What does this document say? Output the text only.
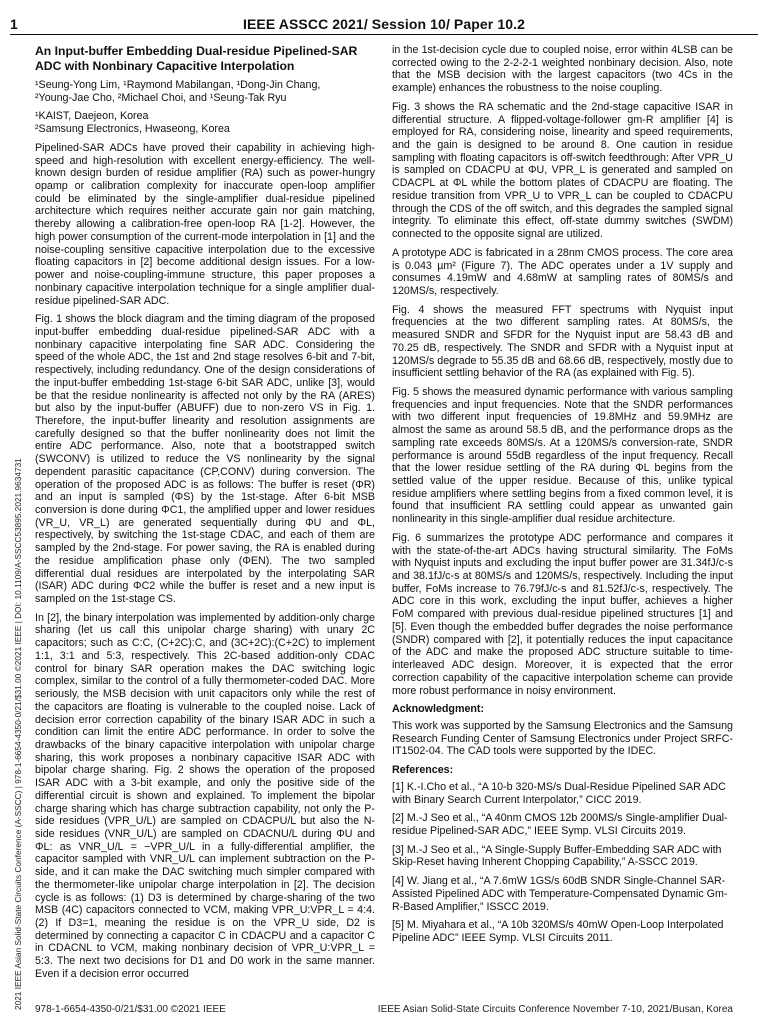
1	IEEE ASSCC 2021/ Session 10/ Paper 10.2
2021 IEEE Asian Solid-State Circuits Conference (A-SSCC) | 978-1-6654-4350-0/21/$31.00 ©2021 IEEE | DOI: 10.1109/A-SSCC53895.2021.9634731
An Input-buffer Embedding Dual-residue Pipelined-SAR ADC with Nonbinary Capacitive Interpolation

¹Seung-Yong Lim, ¹Raymond Mabilangan, ¹Dong-Jin Chang,

²Young-Jae Cho, ²Michael Choi, and ¹Seung-Tak Ryu

¹KAIST, Daejeon, Korea

²Samsung Electronics, Hwaseong, Korea

Pipelined-SAR ADCs have proved their capability in achieving high-speed and high-resolution with excellent energy-efficiency. The well-known design burden of residue amplifier (RA) such as power-hungry opamp or calibration complexity for inaccurate open-loop amplifier could be eliminated by the single-amplifier dual-residue pipelined architecture which requires neither accurate gain nor gain matching, thereby allowing a calibration-free open-loop RA [1-2]. However, the high power consumption of the current-mode interpolation in [1] and the noise-coupling sensitive capacitive interpolation due to the excessive floating capacitors in [2] become additional design issues. For a low-power and noise-coupling-immune structure, this paper proposes a nonbinary capacitive interpolation technique for a single amplifier dual-residue pipelined-SAR ADC.

Fig. 1 shows the block diagram and the timing diagram of the proposed input-buffer embedding dual-residue pipelined-SAR ADC with a nonbinary capacitive interpolating fine SAR ADC. Considering the speed of the whole ADC, the 1st and 2nd stage resolves 6-bit and 7-bit, respectively, including redundancy. One of the design considerations of the input-buffer embedding 1st-stage 6-bit SAR ADC, unlike [3], would be that the residue nonlinearity is affected not only by the RA (ARES) but also by the input-buffer (ABUFF) due to non-zero VS in Fig. 1. Therefore, the input-buffer linearity and resolution assignments are carefully designed so that the buffer nonlinearity does not limit the entire ADC performance. Also, note that a bootstrapped switch (SWCONV) is utilized to reduce the VS nonlinearity by the signal dependent parasitic capacitance (CP,CONV) during conversion. The operation of the proposed ADC is as follows: The buffer is reset (ΦR) and an input is sampled (ΦS) by the 1st-stage. After 6-bit MSB conversion is done during ΦC1, the amplified upper and lower residues (VR_U, VR_L) are generated sequentially during ΦU and ΦL, respectively, by switching the 1st-stage CDAC, and each of them are sampled by the 2nd-stage. For power saving, the RA is enabled during the residue amplification phase only (ΦEN). The two sampled differential dual residues are interpolated by the interpolating SAR (ISAR) ADC during ΦC2 while the buffer is reset and a new input is sampled on the 1st-stage CS.

In [2], the binary interpolation was implemented by addition-only charge sharing (let us call this unipolar charge sharing) with unary 2C capacitors; such as C:C, (C+2C):C, and (3C+2C):(C+2C) to implement 1:1, 3:1 and 5:3, respectively. This 2C-based addition-only CDAC control for binary SAR operation makes the DAC switching logic complex, similar to the control of a fully thermometer-coded DAC. More seriously, the MSB decision with unit capacitors only while the rest of the capacitors are floating is vulnerable to the coupled noise. Lack of decision error correction capability of the binary ISAR ADC in such a condition can limit the entire ADC performance. In order to solve the drawbacks of the binary capacitive interpolation with unipolar charge sharing, this work proposes a nonbinary capacitive ISAR ADC with bipolar charge sharing. Fig. 2 shows the operation of the proposed ISAR ADC with a 3-bit example, and only the positive side of the differential circuit is shown and explained. To implement the bipolar charge sharing which has charge subtraction capability, not only the P-side residues (VPR_U/L) are sampled on CDACPU/L but also the N-side residues (VNR_U/L) are sampled on CDACNU/L during ΦU and ΦL: as VNR_U/L = −VPR_U/L in a fully-differential amplifier, the capacitor sampled with VNR_U/L can implement subtraction on the P-side, and it can make the DAC switching much simpler compared with the thermometer-like unipolar charge interpolation in [2]. The decision cycle is as follows: (1) D3 is determined by charge-sharing of the two MSB (4C) capacitors connected to VCM, making VPR_U:VPR_L = 4:4. (2) If D3=1, meaning the residue is on the VPR_U side, D2 is determined by connecting a capacitor C in CDACPU and a capacitor C in CDACNL to VCM, making nonbinary decision of VPR_U:VPR_L = 5:3. The next two decisions for D1 and D0 work in the same manner. Even if a decision error occurred

in the 1st-decision cycle due to coupled noise, error within 4LSB can be corrected owing to the 2-2-2-1 weighted nonbinary decision. Also, note that the MSB decision with the largest capacitors (two 4Cs in the example) enhances the robustness to the noise coupling.

Fig. 3 shows the RA schematic and the 2nd-stage capacitive ISAR in differential structure. A flipped-voltage-follower gm-R amplifier [4] is employed for RA, considering noise, linearity and speed requirements, and the gain is designed to be around 8. One caution in residue sampling with floating capacitors is off-switch feedthrough: After VPR_U is sampled on CDACPU at ΦU, VPR_L is generated and sampled on CDACPL at ΦL while the bottom plates of CDACPU are floating. The residue transition from VPR_U to VPR_L can be coupled to CDACPU through the CDS of the off switch, and this degrades the sampled signal integrity. To eliminate this effect, off-state dummy switches (SWDM) connected to the opposite signal are utilized.

A prototype ADC is fabricated in a 28nm CMOS process. The core area is 0.043 µm² (Figure 7). The ADC operates under a 1V supply and consumes 4.19mW and 4.68mW at sampling rates of 80MS/s and 120MS/s, respectively.

Fig. 4 shows the measured FFT spectrums with Nyquist input frequencies at the two different sampling rates. At 80MS/s, the measured SNDR and SFDR for the Nyquist input are 58.43 dB and 70.25 dB, respectively. The SNDR and SFDR with a Nyquist input at 120MS/s degrade to 55.35 dB and 68.66 dB, respectively, mostly due to insufficient settling behavior of the RA (as explained with Fig. 5).

Fig. 5 shows the measured dynamic performance with various sampling frequencies and input frequencies. Note that the SNDR performances with two different input frequencies of 19.8MHz and 59.9MHz are almost the same as around 58.5 dB, and the performance drops as the sampling rate exceeds 80MS/s. At a 120MS/s conversion-rate, SNDR performance is around 55dB regardless of the input frequency. Recall that the lower residue settling of the RA during ΦL begins from the settled value of the upper residue. Because of this, unlike typical residue amplifiers where settling begins from a fixed common level, it is found that insufficient RA settling could appear as unwanted gain nonlinearity in this single-amplifier dual residue architecture.

Fig. 6 summarizes the prototype ADC performance and compares it with the state-of-the-art ADCs having structural similarity. The FoMs with Nyquist inputs and excluding the input buffer power are 31.34fJ/c-s and 38.1fJ/c-s at 80MS/s and 120MS/s, respectively. Including the input buffer, FoMs increase to 76.79fJ/c-s and 81.52fJ/c-s, respectively. The ADC core in this work, excluding the input buffer, achieves a higher FoM compared with previous dual-residue pipelined structures [1] and [5]. Even though the embedded buffer degrades the noise performance (SNDR) compared with [2], it potentially reduces the input capacitance of the ADC and make the proposed ADC structure suitable to time-interleaved ADC design. Moreover, it is expected that the error correction capability of the capacitive interpolation scheme can provide more robust performance in noisy environment.

Acknowledgment:

This work was supported by the Samsung Electronics and the Samsung Research Funding Center of Samsung Electronics under Project SRFC-IT1502-04. The CAD tools were supported by the IDEC.

References:

[1] K.-I.Cho et al., “A 10-b 320-MS/s Dual-Residue Pipelined SAR ADC with Binary Search Current Interpolator,” CICC 2019.

[2] M.-J Seo et al., “A 40nm CMOS 12b 200MS/s Single-amplifier Dual-residue Pipelined-SAR ADC,” IEEE Symp. VLSI Circuits 2019.

[3] M.-J Seo et al., “A Single-Supply Buffer-Embedding SAR ADC with Skip-Reset having Inherent Chopping Capability,” A-SSCC 2019.

[4] W. Jiang et al., “A 7.6mW 1GS/s 60dB SNDR Single-Channel SAR-Assisted Pipelined ADC with Temperature-Compensated Dynamic Gm-R-Based Amplifier,” ISSCC 2019.

[5] M. Miyahara et al., “A 10b 320MS/s 40mW Open-Loop Interpolated Pipeline ADC” IEEE Symp. VLSI Circuits 2011.

978-1-6654-4350-0/21/$31.00 ©2021 IEEE	IEEE Asian Solid-State Circuits Conference November 7-10, 2021/Busan, Korea
